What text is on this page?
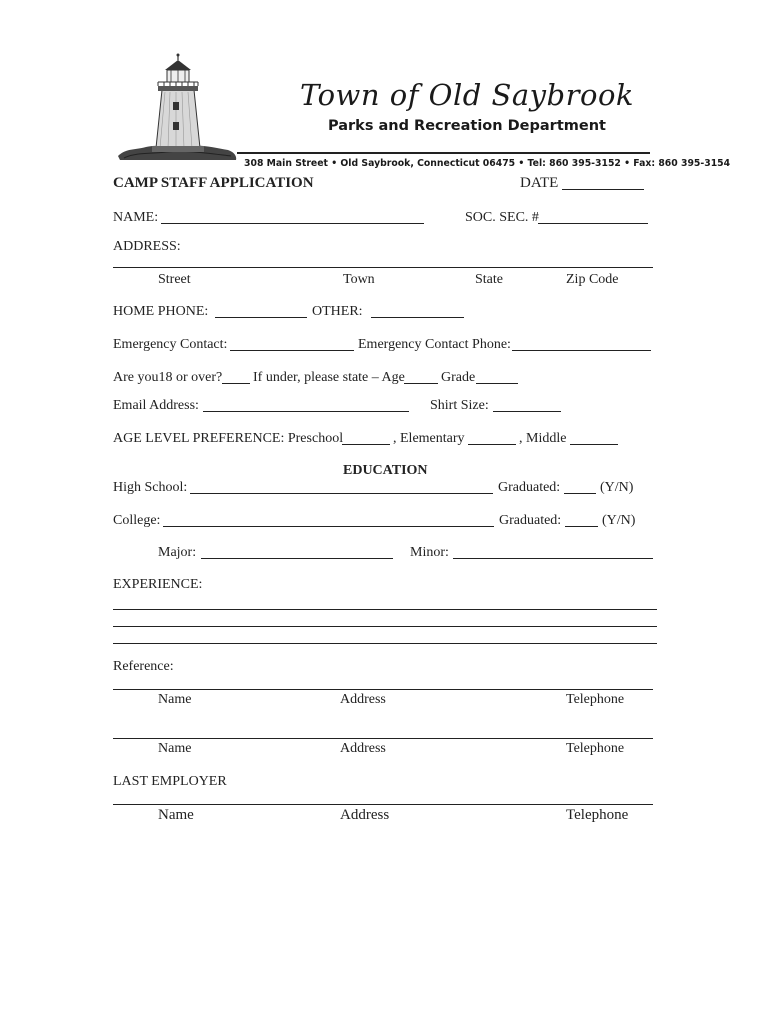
Town of Old Saybrook
Parks and Recreation Department
308 Main Street • Old Saybrook, Connecticut 06475 • Tel: 860 395-3152 • Fax: 860 395-3154
CAMP STAFF APPLICATION	DATE
NAME:	SOC. SEC. #
ADDRESS:
Street	Town	State	Zip Code
HOME PHONE:	OTHER:
Emergency Contact:	Emergency Contact Phone:
Are you18 or over? If under, please state – Age	Grade
Email Address:	Shirt Size:
AGE LEVEL PREFERENCE: Preschool	, Elementary	, Middle
EDUCATION
High School:	Graduated:	(Y/N)
College:	Graduated:	(Y/N)
Major:	Minor:
EXPERIENCE:
Reference:
Name	Address	Telephone
Name	Address	Telephone
LAST EMPLOYER
Name	Address	Telephone
